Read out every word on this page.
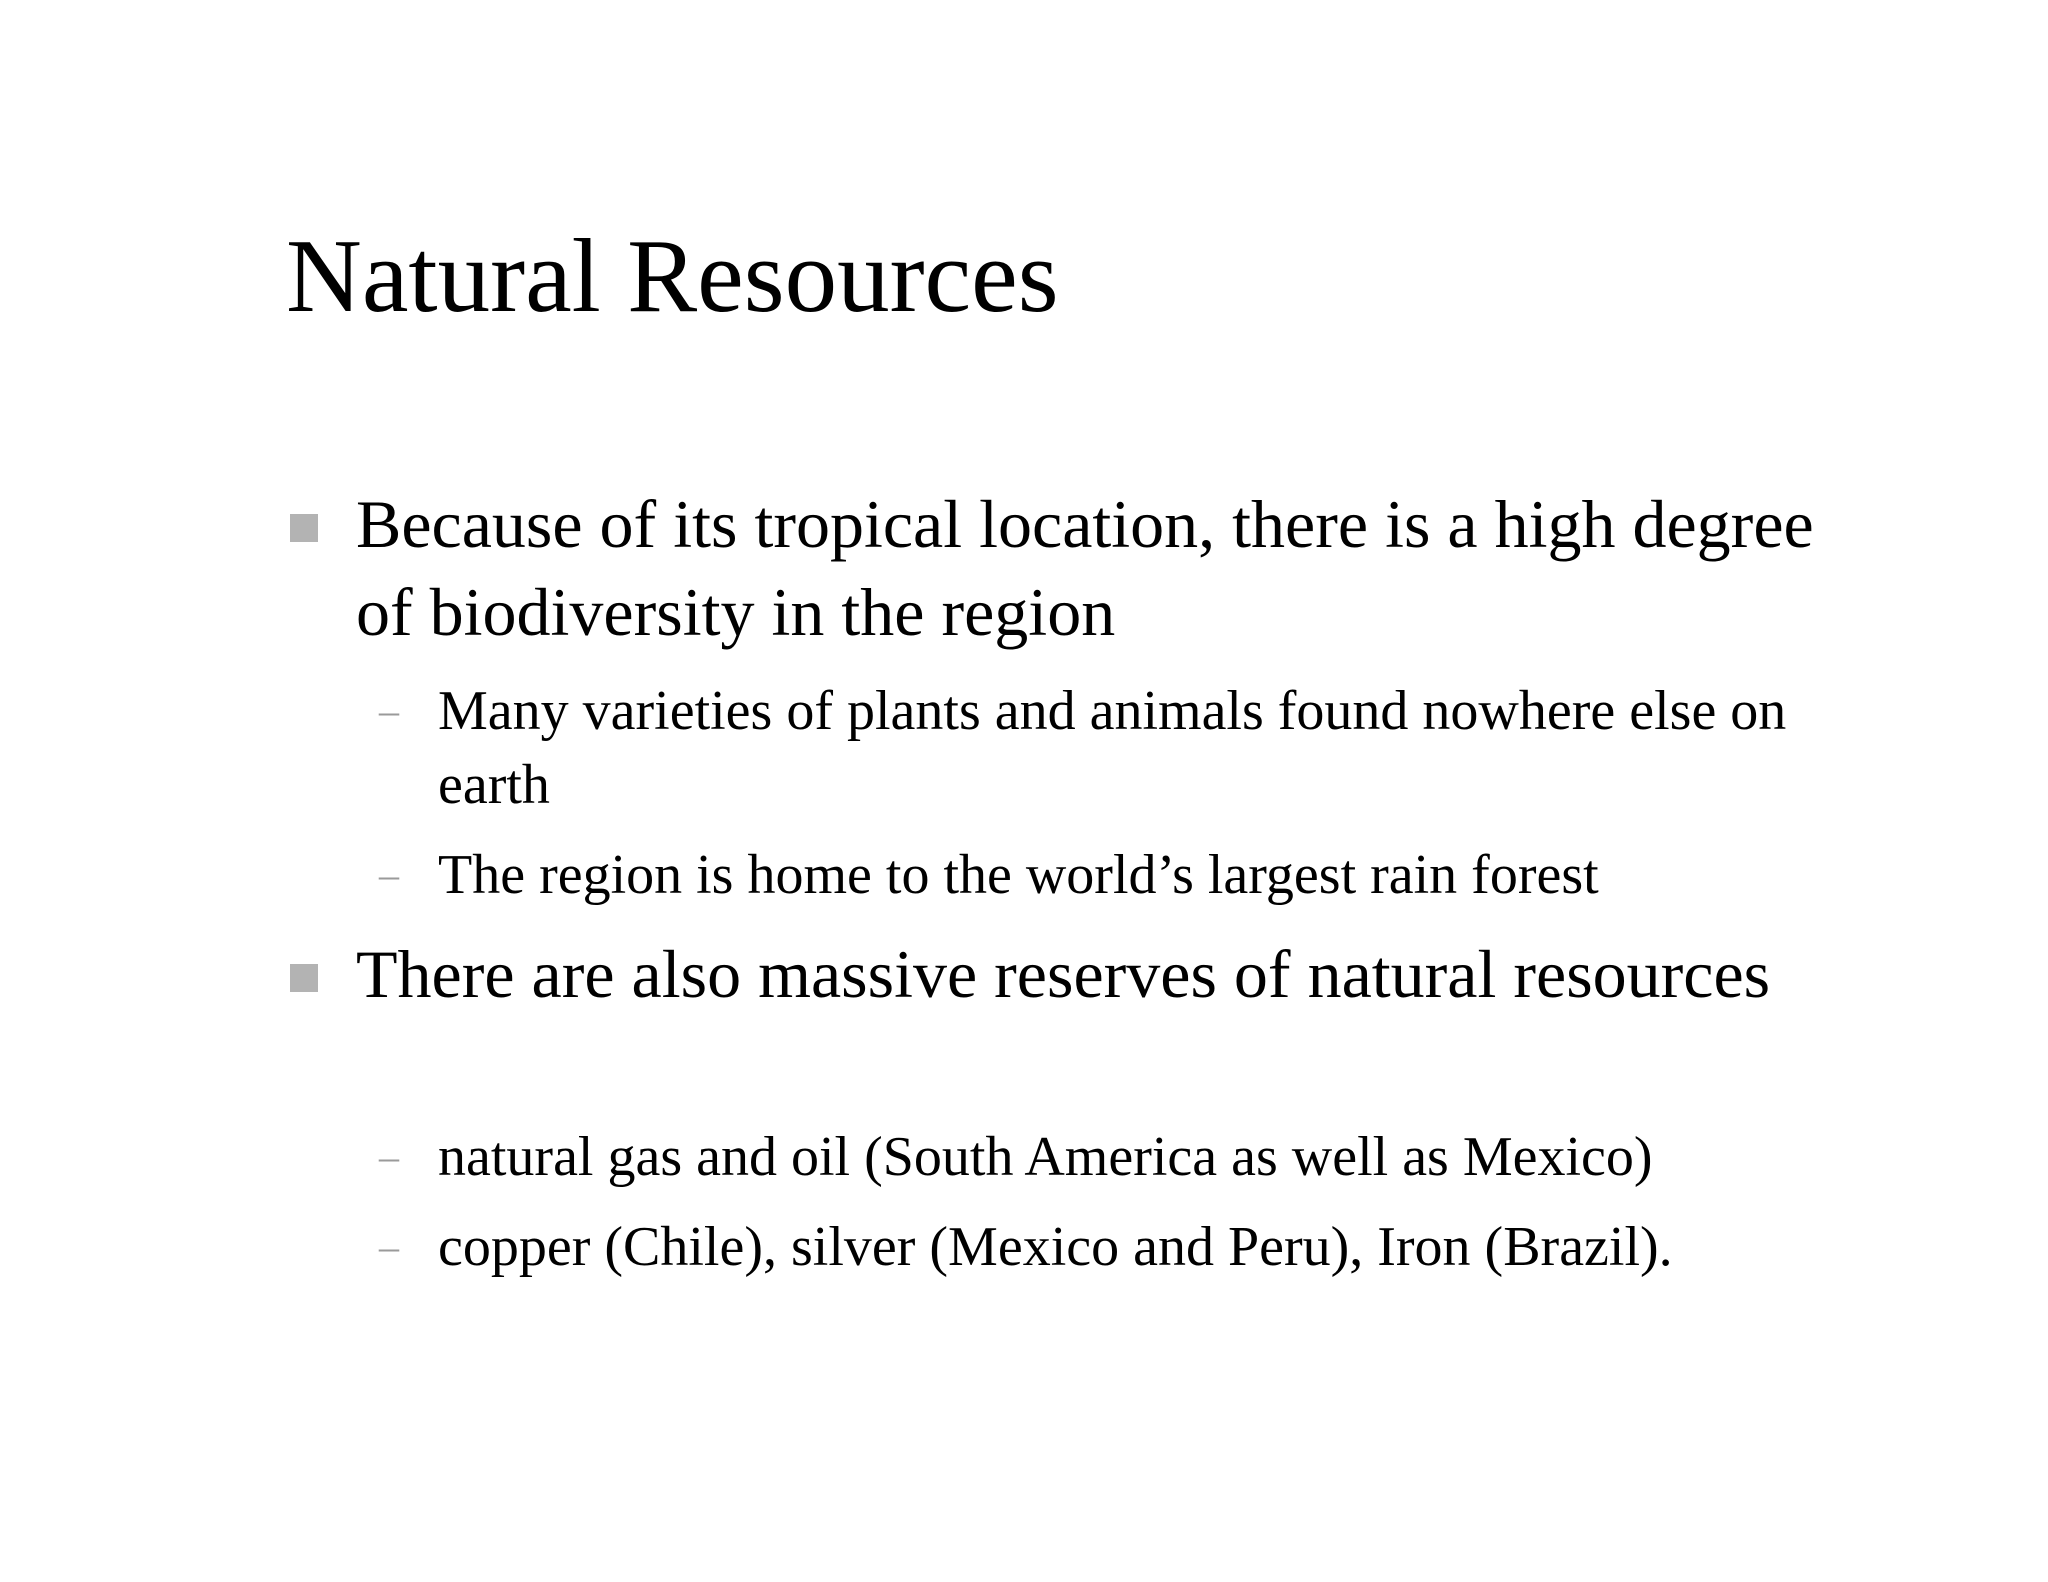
Natural Resources
Because of its tropical location, there is a high degree of biodiversity in the region
– Many varieties of plants and animals found nowhere else on earth
– The region is home to the world’s largest rain forest
There are also massive reserves of natural resources
– natural gas and oil (South America as well as Mexico)
– copper (Chile), silver (Mexico and Peru), Iron (Brazil).
